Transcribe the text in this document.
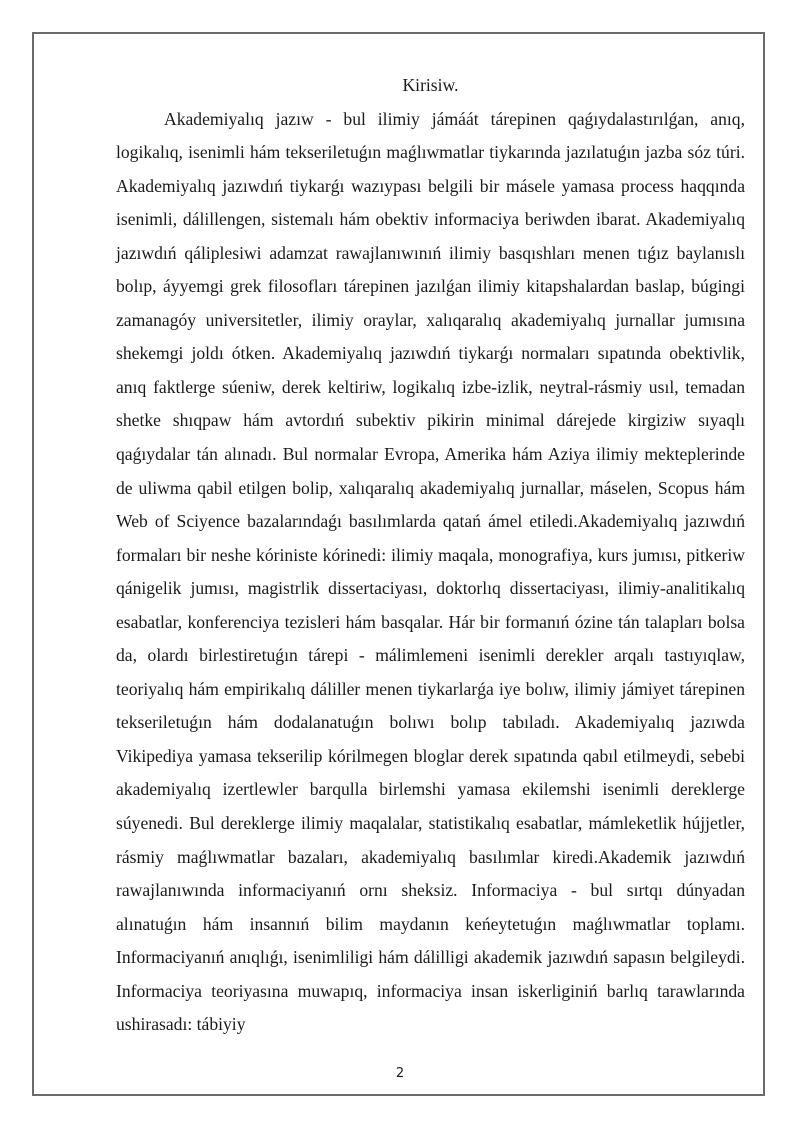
Kirisiw.

Akademiyalıq jazıw - bul ilimiy jámáát tárepinen qaǵıydalastırılǵan, anıq, logikalıq, isenimli hám tekseriletuǵın maǵlıwmatlar tiykarında jazılatuǵın jazba sóz túri. Akademiyalıq jazıwdıń tiykarǵı wazıypası belgili bir másele yamasa process haqqında isenimli, dálillengen, sistemalı hám obektiv informaciya beriwden ibarat. Akademiyalıq jazıwdıń qáliplesiwi adamzat rawajlanıwınıń ilimiy basqıshları menen tıǵız baylanıslı bolıp, áyyemgi grek filosofları tárepinen jazılǵan ilimiy kitapshalardan baslap, búgingi zamanagóy universitetler, ilimiy oraylar, xalıqaralıq akademiyalıq jurnallar jumısına shekemgi joldı ótken. Akademiyalıq jazıwdıń tiykarǵı normaları sıpatında obektivlik, anıq faktlerge súeniw, derek keltiriw, logikalıq izbe-izlik, neytral-rásmiy usıl, temadan shetke shıqpaw hám avtordıń subektiv pikirin minimal dárejede kirgiziw sıyaqlı qaǵıydalar tán alınadı. Bul normalar Evropa, Amerika hám Aziya ilimiy mekteplerinde de uliwma qabil etilgen bolip, xalıqaralıq akademiyalıq jurnallar, máselen, Scopus hám Web of Sciyence bazalarındaǵı basılımlarda qatań ámel etiledi.Akademiyalıq jazıwdıń formaları bir neshe kóriniste kórinedi: ilimiy maqala, monografiya, kurs jumısı, pitkeriw qánigelik jumısı, magistrlik dissertaciyası, doktorlıq dissertaciyası, ilimiy-analitikalıq esabatlar, konferenciya tezisleri hám basqalar. Hár bir formanıń ózine tán talapları bolsa da, olardı birlestiretuǵın tárepi - málimlemeni isenimli derekler arqalı tastıyıqlaw, teoriyalıq hám empirikalıq dáliller menen tiykarlarǵa iye bolıw, ilimiy jámiyet tárepinen tekseriletuǵın hám dodalanatuǵın bolıwı bolıp tabıladı. Akademiyalıq jazıwda Vikipediya yamasa tekserilip kórilmegen bloglar derek sıpatında qabıl etilmeydi, sebebi akademiyalıq izertlewler barqulla birlemshi yamasa ekilemshi isenimli dereklerge súyenedi. Bul dereklerge ilimiy maqalalar, statistikalıq esabatlar, mámleketlik hújjetler, rásmiy maǵlıwmatlar bazaları, akademiyalıq basılımlar kiredi.Akademik jazıwdıń rawajlanıwında informaciyanıń ornı sheksiz. Informaciya - bul sırtqı dúnyadan alınatuǵın hám insannıń bilim maydanın keńeytetuǵın maǵlıwmatlar toplamı. Informaciyanıń anıqlıǵı, isenimliligi hám dálilligi akademik jazıwdıń sapasın belgileydi. Informaciya teoriyasına muwapıq, informaciya insan iskerliginiń barlıq tarawlarında ushirasadı: tábiyiy

2
